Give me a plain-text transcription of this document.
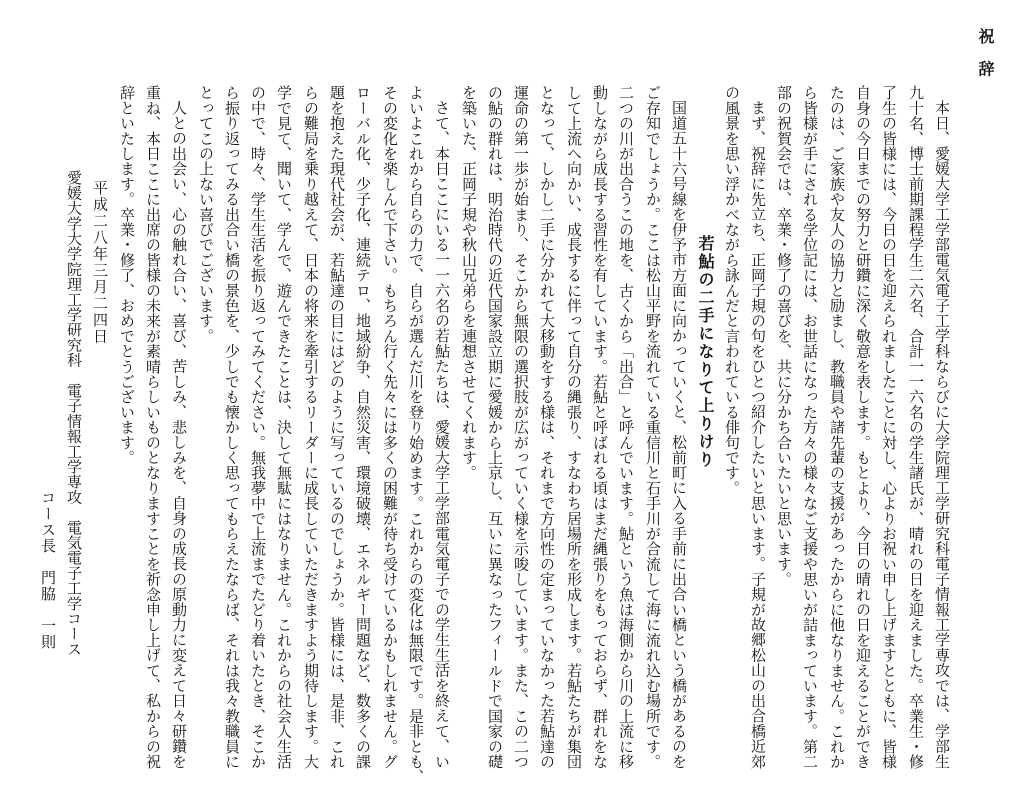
祝　辞
本日、愛媛大学工学部電気電子工学科ならびに大学院理工学研究科電子情報工学専攻では、学部生
九十名、博士前期課程学生二六名、合計一一六名の学生諸氏が、晴れの日を迎えました。卒業生・修
了生の皆様には、今日の日を迎えられましたことに対し、心よりお祝い申し上げますとともに、皆様
自身の今日までの努力と研鑽に深く敬意を表します。もとより、今日の晴れの日を迎えることができ
たのは、ご家族や友人の協力と励まし、教職員や諸先輩の支援があったからに他なりません。これか
ら皆様が手にされる学位記には、お世話になった方々の様々なご支援や思いが詰まっています。第二
部の祝賀会では、卒業・修了の喜びを、共に分かち合いたいと思います。
まず、祝辞に先立ち、正岡子規の句をひとつ紹介したいと思います。子規が故郷松山の出合橋近郊
の風景を思い浮かべながら詠んだと言われている俳句です。
若鮎の二手になりて上りけり
国道五十六号線を伊予市方面に向かっていくと、松前町に入る手前に出合い橋という橋があるのを
ご存知でしょうか。ここは松山平野を流れている重信川と石手川が合流して海に流れ込む場所です。
二つの川が出合うこの地を、古くから「出合」と呼んでいます。鮎という魚は海側から川の上流に移
動しながら成長する習性を有しています。若鮎と呼ばれる頃はまだ縄張りをもっておらず、群れをな
して上流へ向かい、成長するに伴って自分の縄張り、すなわち居場所を形成します。若鮎たちが集団
となって、しかし二手に分かれて大移動をする様は、それまで方向性の定まっていなかった若鮎達の
運命の第一歩が始まり、そこから無限の選択肢が広がっていく様を示唆しています。また、この二つ
の鮎の群れは、明治時代の近代国家設立期に愛媛から上京し、互いに異なったフィールドで国家の礎
を築いた、正岡子規や秋山兄弟らを連想させてくれます。
さて、本日ここにいる一一六名の若鮎たちは、愛媛大学工学部電気電子での学生生活を終えて、い
よいよこれから自らの力で、自らが選んだ川を登り始めます。これからの変化は無限です。是非とも、
その変化を楽しんで下さい。もちろん行く先々には多くの困難が待ち受けているかもしれません。グ
ローバル化、少子化、連続テロ、地域紛争、自然災害、環境破壊、エネルギー問題など、数多くの課
題を抱えた現代社会が、若鮎達の目にはどのように写っているのでしょうか。皆様には、是非、これ
らの難局を乗り越えて、日本の将来を牽引するリーダーに成長していただきますよう期待します。大
学で見て、聞いて、学んで、遊んできたことは、決して無駄にはなりません。これからの社会人生活
の中で、時々、学生生活を振り返ってみてください。無我夢中で上流までたどり着いたとき、そこか
ら振り返ってみる出合い橋の景色を、少しでも懐かしく思ってもらえたならば、それは我々教職員に
とってこの上ない喜びでございます。
人との出会い、心の触れ合い、喜び、苦しみ、悲しみを、自身の成長の原動力に変えて日々研鑽を
重ね、本日ここに出席の皆様の未来が素晴らしいものとなりますことを祈念申し上げて、私からの祝
辞といたします。卒業・修了、おめでとうございます。
平成二八年三月二四日
愛媛大学大学院理工学研究科　電子情報工学専攻　電気電子工学コース
コース長　門脇　一則
